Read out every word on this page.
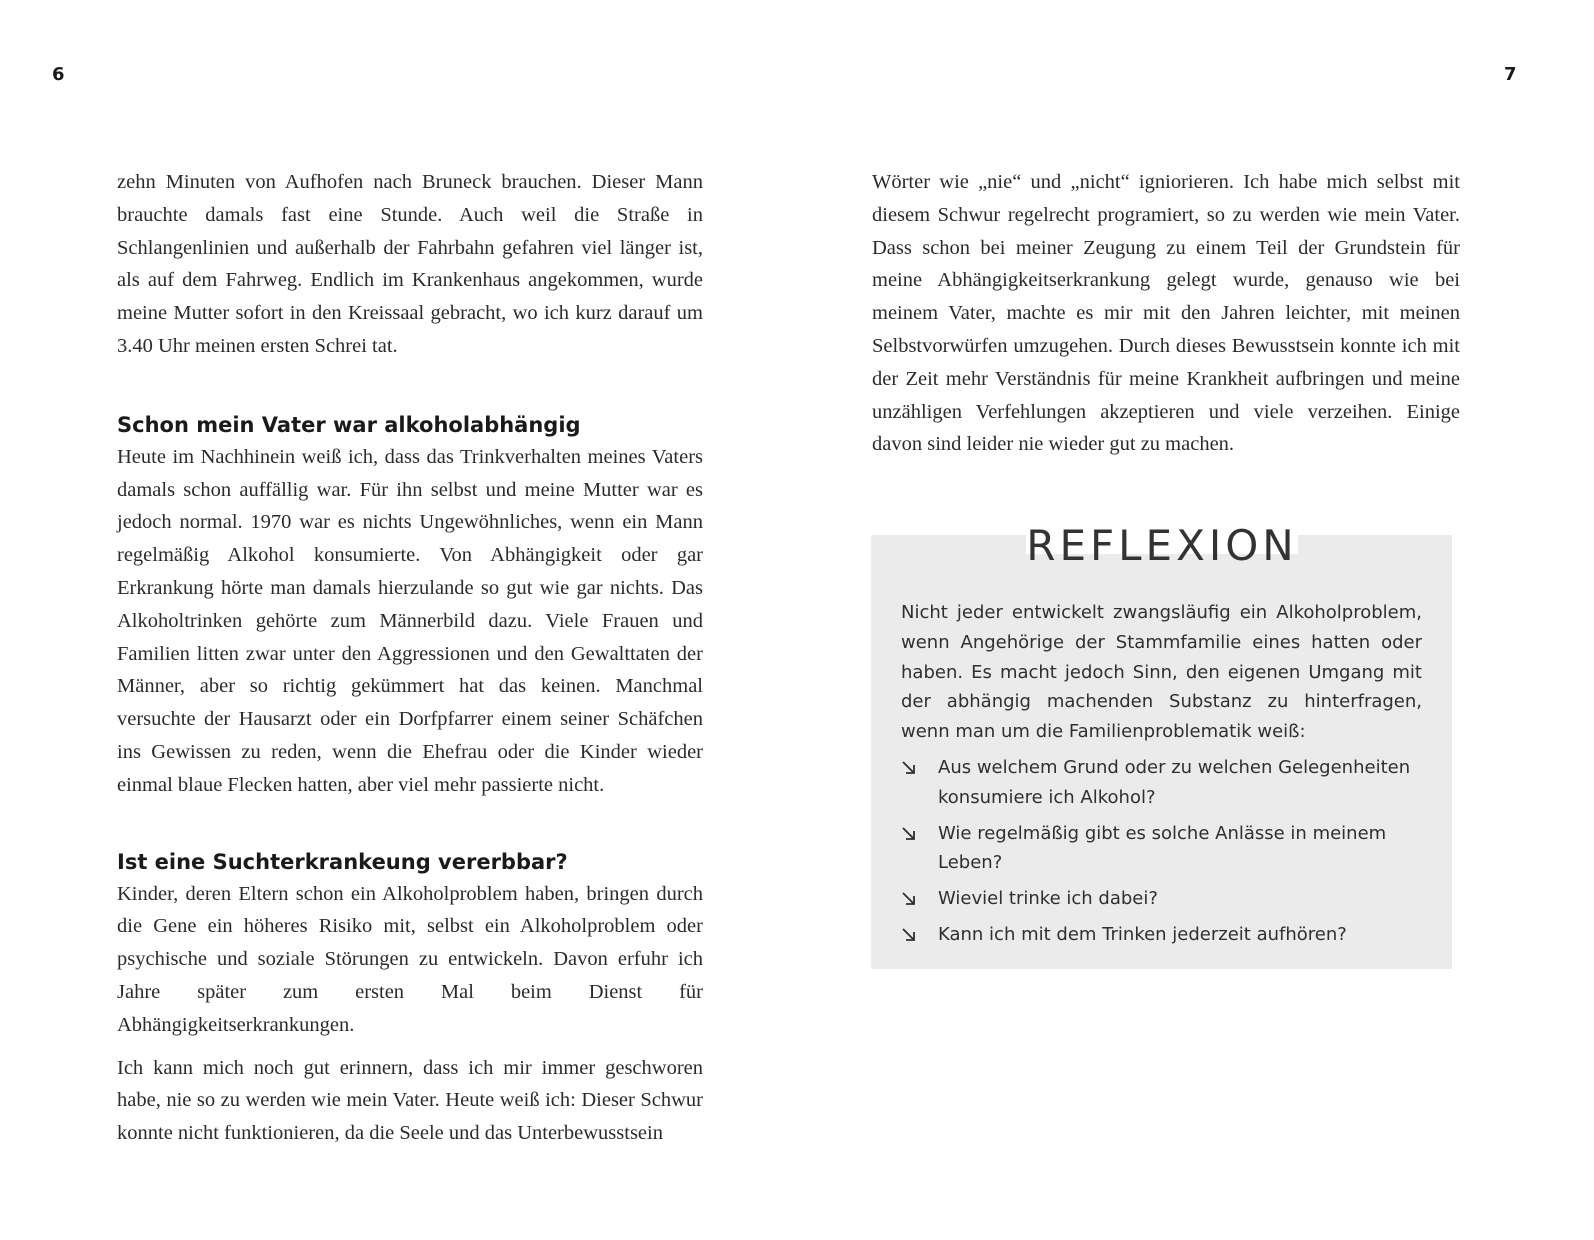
6	7

zehn Minuten von Aufhofen nach Bruneck brauchen. Dieser Mann brauchte damals fast eine Stunde. Auch weil die Straße in Schlangenlinien und außerhalb der Fahrbahn gefahren viel länger ist, als auf dem Fahrweg. Endlich im Krankenhaus angekommen, wurde meine Mutter sofort in den Kreissaal gebracht, wo ich kurz darauf um 3.40 Uhr meinen ersten Schrei tat.

Schon mein Vater war alkoholabhängig

Heute im Nachhinein weiß ich, dass das Trinkverhalten meines Vaters damals schon auffällig war. Für ihn selbst und meine Mutter war es jedoch normal. 1970 war es nichts Ungewöhnliches, wenn ein Mann regelmäßig Alkohol konsumierte. Von Abhängigkeit oder gar Erkrankung hörte man damals hierzulande so gut wie gar nichts. Das Alkoholtrinken gehörte zum Männerbild dazu. Viele Frauen und Familien litten zwar unter den Aggressionen und den Gewalttaten der Männer, aber so richtig gekümmert hat das keinen. Manchmal versuchte der Hausarzt oder ein Dorfpfarrer einem seiner Schäfchen ins Gewissen zu reden, wenn die Ehefrau oder die Kinder wieder einmal blaue Flecken hatten, aber viel mehr passierte nicht.

Ist eine Suchterkrankeung vererbbar?

Kinder, deren Eltern schon ein Alkoholproblem haben, bringen durch die Gene ein höheres Risiko mit, selbst ein Alkoholproblem oder psychische und soziale Störungen zu entwickeln. Davon erfuhr ich Jahre später zum ersten Mal beim Dienst für Abhängigkeitserkrankungen.

Ich kann mich noch gut erinnern, dass ich mir immer geschworen habe, nie so zu werden wie mein Vater. Heute weiß ich: Dieser Schwur konnte nicht funktionieren, da die Seele und das Unterbewusstsein

Wörter wie „nie“ und „nicht“ igniorieren. Ich habe mich selbst mit diesem Schwur regelrecht programiert, so zu werden wie mein Vater. Dass schon bei meiner Zeugung zu einem Teil der Grundstein für meine Abhängigkeitserkrankung gelegt wurde, genauso wie bei meinem Vater, machte es mir mit den Jahren leichter, mit meinen Selbstvorwürfen umzugehen. Durch dieses Bewusstsein konnte ich mit der Zeit mehr Verständnis für meine Krankheit aufbringen und meine unzähligen Verfehlungen akzeptieren und viele verzeihen. Einige davon sind leider nie wieder gut zu machen.

REFLEXION

Nicht jeder entwickelt zwangsläufig ein Alkoholproblem, wenn Angehörige der Stammfamilie eines hatten oder haben. Es macht jedoch Sinn, den eigenen Umgang mit der abhängig machenden Substanz zu hinterfragen, wenn man um die Familienproblematik weiß:

Aus welchem Grund oder zu welchen Gelegenheiten konsumiere ich Alkohol?
Wie regelmäßig gibt es solche Anlässe in meinem Leben?
Wieviel trinke ich dabei?
Kann ich mit dem Trinken jederzeit aufhören?
